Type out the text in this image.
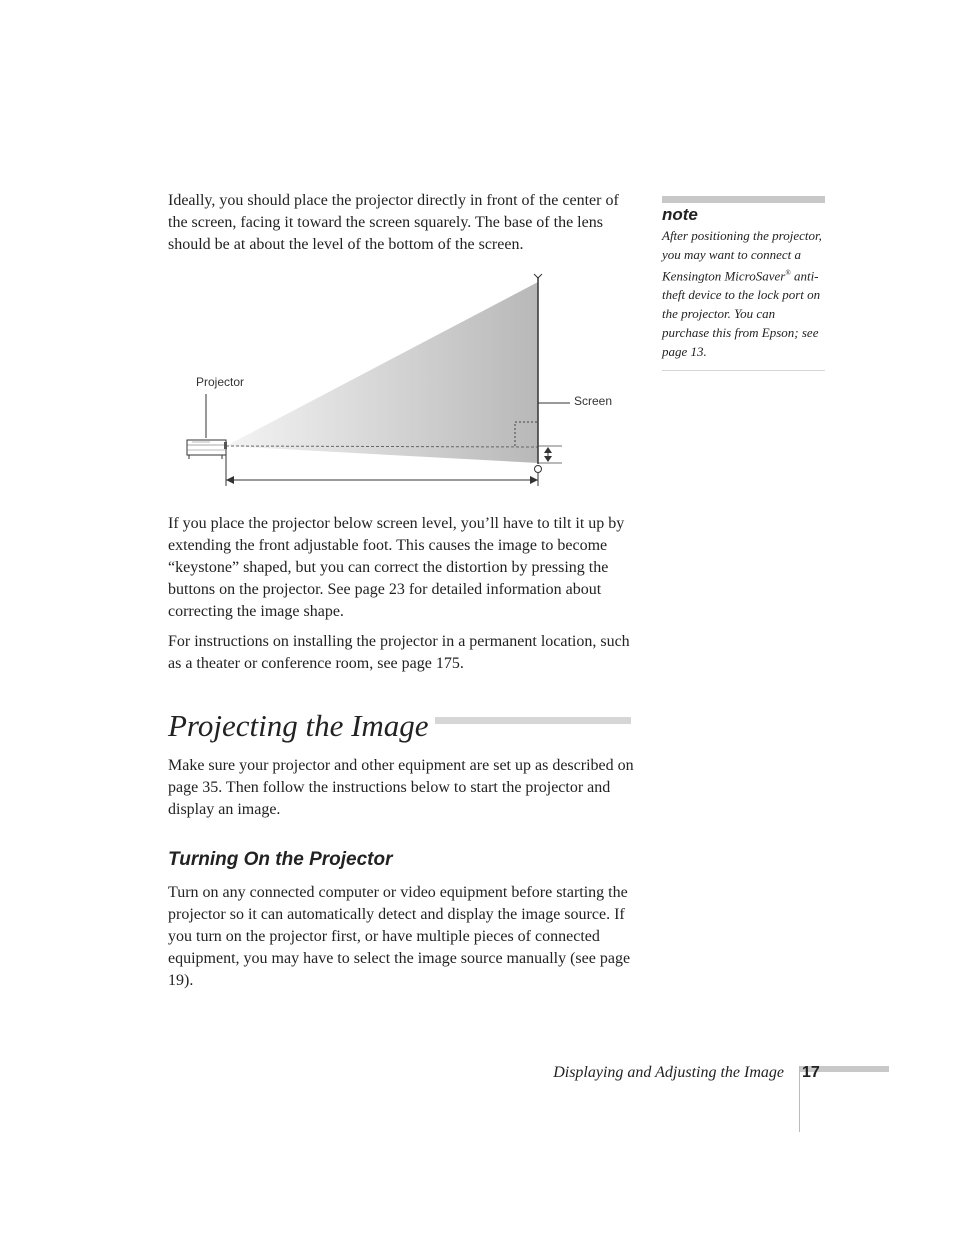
Ideally, you should place the projector directly in front of the center of the screen, facing it toward the screen squarely. The base of the lens should be at about the level of the bottom of the screen.

Projector
Screen
note
After positioning the projector, you may want to connect a Kensington MicroSaver® anti-theft device to the lock port on the projector. You can purchase this from Epson; see page 13.

If you place the projector below screen level, you’ll have to tilt it up by extending the front adjustable foot. This causes the image to become “keystone” shaped, but you can correct the distortion by pressing the buttons on the projector. See page 23 for detailed information about correcting the image shape.

For instructions on installing the projector in a permanent location, such as a theater or conference room, see page 175.

Projecting the Image

Make sure your projector and other equipment are set up as described on page 35. Then follow the instructions below to start the projector and display an image.

Turning On the Projector

Turn on any connected computer or video equipment before starting the projector so it can automatically detect and display the image source. If you turn on the projector first, or have multiple pieces of connected equipment, you may have to select the image source manually (see page 19).

Displaying and Adjusting the Image 17
